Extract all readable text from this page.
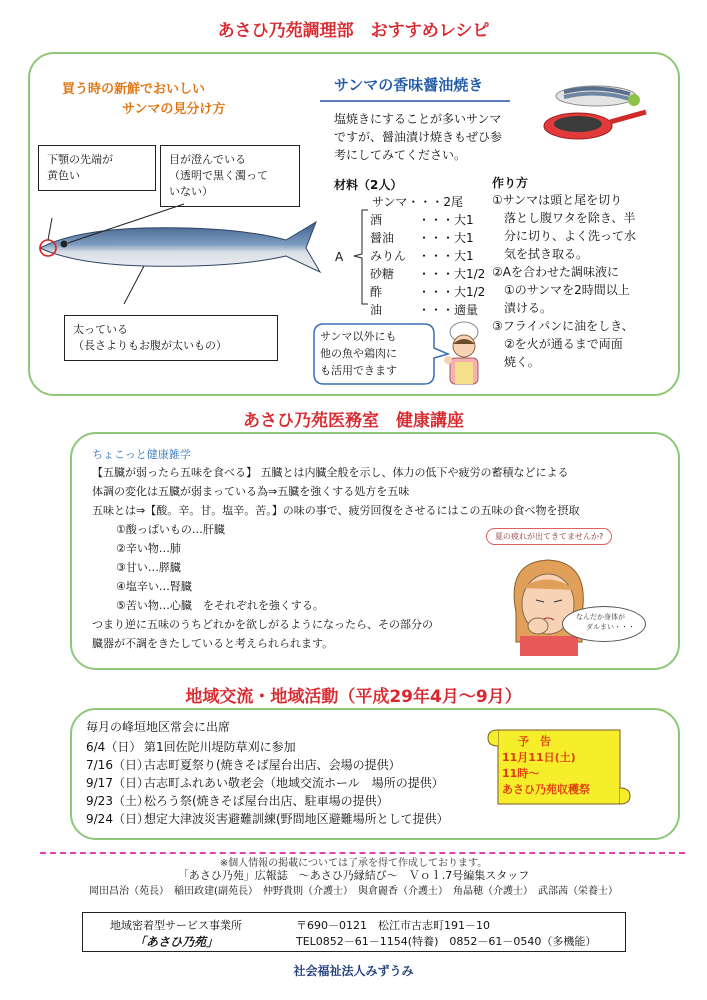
あさひ乃苑調理部　おすすめレシピ
買う時の新鮮でおいしい
サンマの見分け方
下顎の先端が
黄色い
目が澄んでいる
（透明で黒く濁って
いない）
太っている
（長さよりもお腹が太いもの）
サンマの香味醤油焼き
塩焼きにすることが多いサンマ
ですが、醤油漬け焼きもぜひ参
考にしてみてください。
材料（2人）
サンマ・・・2尾
A
酒	・・・大1
醤油 ・・・大1
みりん ・・・大1
砂糖 ・・・大1/2
酢	・・・大1/2
油	・・・適量
作り方
①サンマは頭と尾を切り
　落とし腹ワタを除き、半
　分に切り、よく洗って水
　気を拭き取る。
②Aを合わせた調味液に
　①のサンマを2時間以上
　漬ける。
③フライパンに油をしき、
　②を火が通るまで両面
　焼く。
サンマ以外にも
他の魚や鶏肉に
も活用できます
あさひ乃苑医務室　健康講座
ちょこっと健康雑学
【五臓が弱ったら五味を食べる】 五臓とは内臓全般を示し、体力の低下や疲労の蓄積などによる
体調の変化は五臓が弱まっている為⇒五臓を強くする処方を五味
五味とは⇒【酸。辛。甘。塩辛。苦。】の味の事で、疲労回復をさせるにはこの五味の食べ物を摂取
①酸っぱいもの…肝臓
②辛い物…肺
③甘い…膵臓
④塩辛い…腎臓
⑤苦い物…心臓　をそれぞれを強くする。
つまり逆に五味のうちどれかを欲しがるようになったら、その部分の
臓器が不調をきたしていると考えられられます。
夏の疲れが出てきてませんか?
なんだか身体が
ダルまい・・・
地域交流・地域活動（平成29年4月～9月）
毎月の峰垣地区常会に出席
6/4（日） 第1回佐陀川堤防草刈に参加
7/16（日）古志町夏祭り(焼きそば屋台出店、会場の提供）
9/17（日）古志町ふれあい敬老会（地域交流ホール　場所の提供）
9/23（土）松ろう祭(焼きそば屋台出店、駐車場の提供）
9/24（日）想定大津波災害避難訓練(野間地区避難場所として提供）
予　告
11月11日(土)
11時～
あさひ乃苑収穫祭
※個人情報の掲載については了承を得て作成しております。
「あさひ乃苑」広報誌　～あさひ乃縁結び～　Ｖｏｌ.7号編集スタッフ
岡田昌治（苑長）　稲田政建(副苑長）　仲野貴則（介護士）　與倉麗香（介護士）　角晶穂（介護士）　武部茜（栄養士）
地域密着型サービス事業所
「あさひ乃苑」
〒690－0121　松江市古志町191－10
TEL0852－61－1154(特養)　0852－61－0540（多機能）
社会福祉法人みずうみ
